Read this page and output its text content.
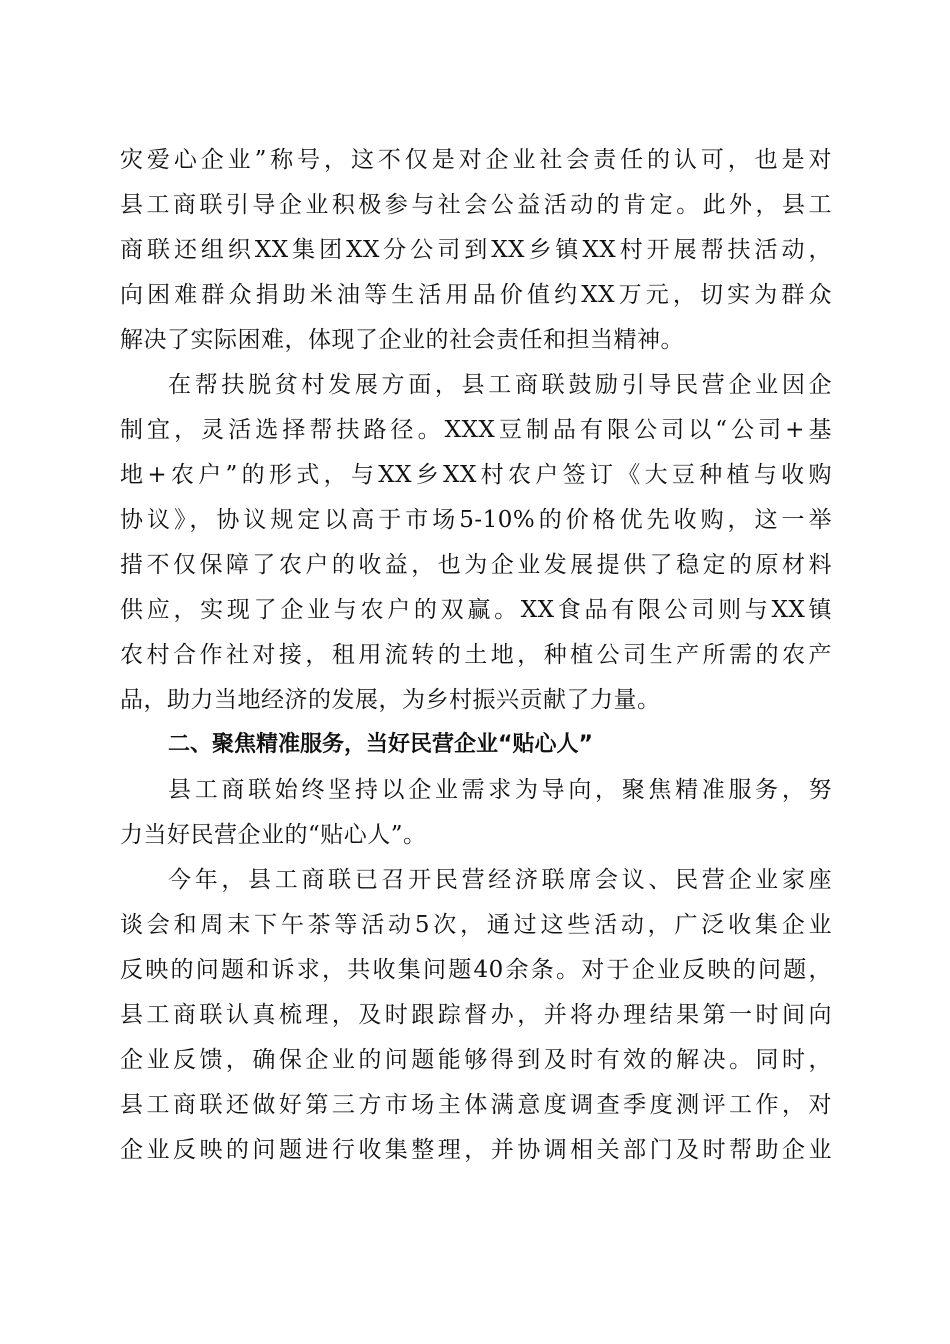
灾爱心企业”称号，这不仅是对企业社会责任的认可，也是对
县工商联引导企业积极参与社会公益活动的肯定。此外，县工
商联还组织XX集团XX分公司到XX乡镇XX村开展帮扶活动，
向困难群众捐助米油等生活用品价值约XX万元，切实为群众
解决了实际困难，体现了企业的社会责任和担当精神。
在帮扶脱贫村发展方面，县工商联鼓励引导民营企业因企
制宜，灵活选择帮扶路径。XXX豆制品有限公司以“公司+基
地+农户”的形式，与XX乡XX村农户签订《大豆种植与收购
协议》，协议规定以高于市场5-10%的价格优先收购，这一举
措不仅保障了农户的收益，也为企业发展提供了稳定的原材料
供应，实现了企业与农户的双赢。XX食品有限公司则与XX镇
农村合作社对接，租用流转的土地，种植公司生产所需的农产
品，助力当地经济的发展，为乡村振兴贡献了力量。
二、聚焦精准服务，当好民营企业“贴心人”
县工商联始终坚持以企业需求为导向，聚焦精准服务，努
力当好民营企业的“贴心人”。
今年，县工商联已召开民营经济联席会议、民营企业家座
谈会和周末下午茶等活动5次，通过这些活动，广泛收集企业
反映的问题和诉求，共收集问题40余条。对于企业反映的问题，
县工商联认真梳理，及时跟踪督办，并将办理结果第一时间向
企业反馈，确保企业的问题能够得到及时有效的解决。同时，
县工商联还做好第三方市场主体满意度调查季度测评工作，对
企业反映的问题进行收集整理，并协调相关部门及时帮助企业
